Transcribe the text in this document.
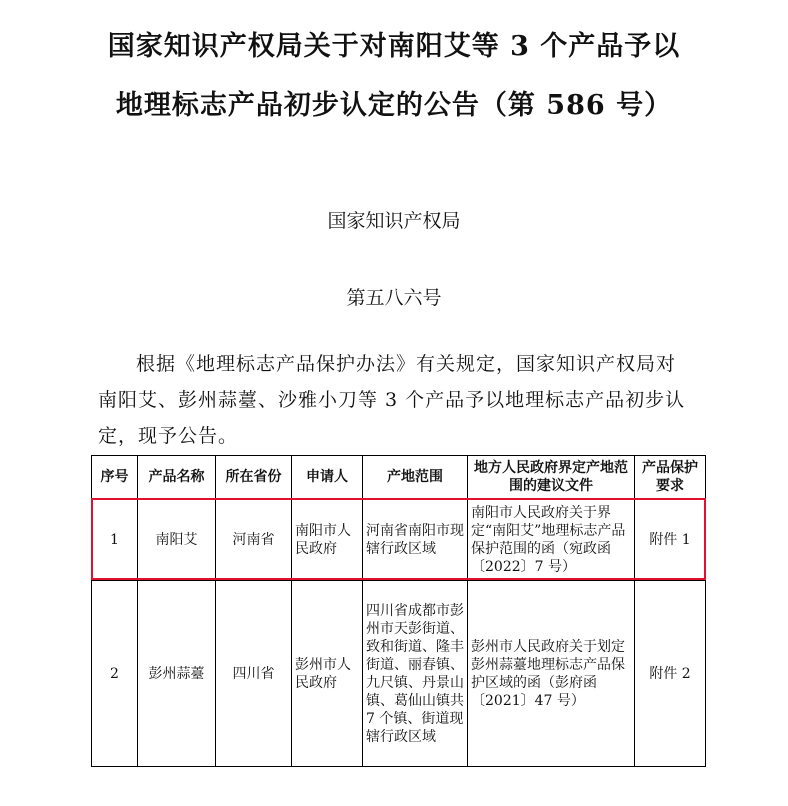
国家知识产权局关于对南阳艾等 3 个产品予以
地理标志产品初步认定的公告（第 586 号）
国家知识产权局
第五八六号
根据《地理标志产品保护办法》有关规定，国家知识产权局对南阳艾、彭州蒜薹、沙雅小刀等 3 个产品予以地理标志产品初步认定，现予公告。
序号	产品名称	所在省份	申请人	产地范围	地方人民政府界定产地范围的建议文件	产品保护要求
1	南阳艾	河南省	南阳市人民政府	河南省南阳市现辖行政区域	南阳市人民政府关于界定“南阳艾”地理标志产品保护范围的函（宛政函〔2022〕7 号）	附件 1
2	彭州蒜薹	四川省	彭州市人民政府	四川省成都市彭州市天彭街道、致和街道、隆丰街道、丽春镇、九尺镇、丹景山镇、葛仙山镇共 7 个镇、街道现辖行政区域	彭州市人民政府关于划定彭州蒜薹地理标志产品保护区域的函（彭府函〔2021〕47 号）	附件 2
